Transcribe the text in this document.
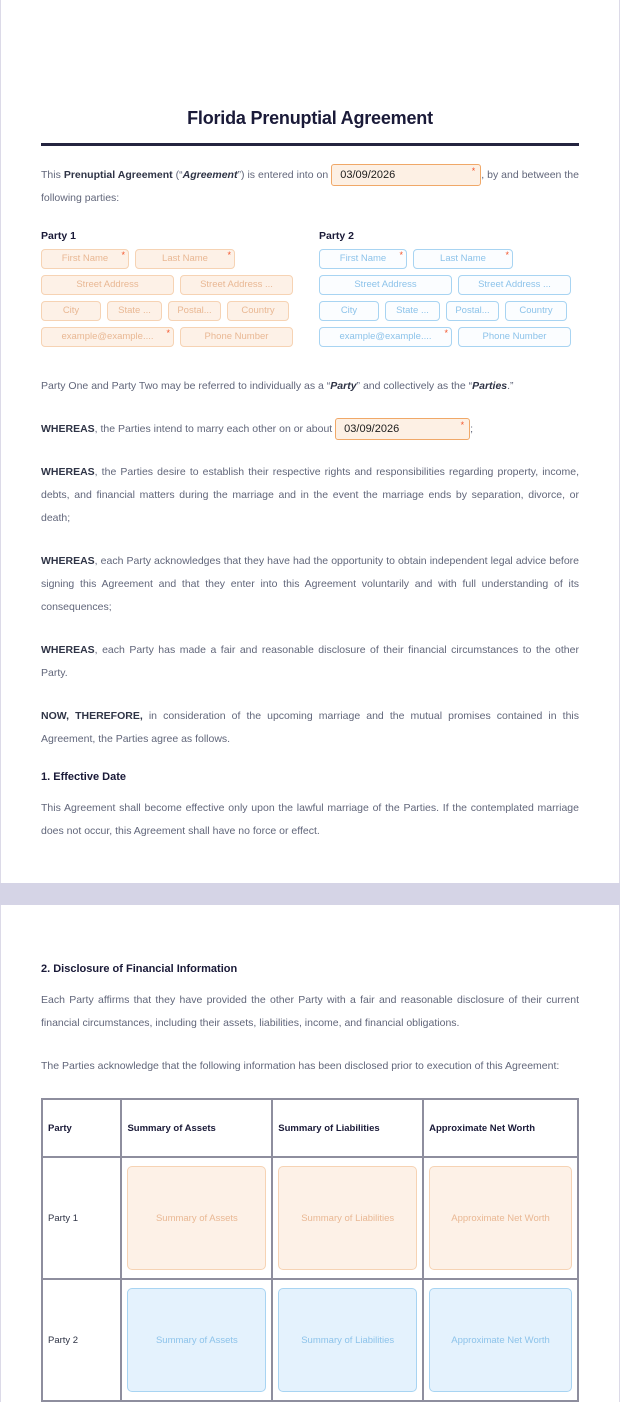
Florida Prenuptial Agreement

This Prenuptial Agreement (“Agreement”) is entered into on 03/09/2026	* , by and between the following parties:

Party 1
First Name *	Last Name *
Street Address	Street Address ...
City	State ...	Postal...	Country
example@example.... *	Phone Number
Party 2
First Name *	Last Name *
Street Address	Street Address ...
City	State ...	Postal...	Country
example@example.... *	Phone Number

Party One and Party Two may be referred to individually as a “Party” and collectively as the “Parties.”

WHEREAS, the Parties intend to marry each other on or about 03/09/2026	* ;

WHEREAS, the Parties desire to establish their respective rights and responsibilities regarding property, income, debts, and financial matters during the marriage and in the event the marriage ends by separation, divorce, or death;

WHEREAS, each Party acknowledges that they have had the opportunity to obtain independent legal advice before signing this Agreement and that they enter into this Agreement voluntarily and with full understanding of its consequences;

WHEREAS, each Party has made a fair and reasonable disclosure of their financial circumstances to the other Party.

NOW, THEREFORE, in consideration of the upcoming marriage and the mutual promises contained in this Agreement, the Parties agree as follows.

1. Effective Date

This Agreement shall become effective only upon the lawful marriage of the Parties. If the contemplated marriage does not occur, this Agreement shall have no force or effect.

2. Disclosure of Financial Information

Each Party affirms that they have provided the other Party with a fair and reasonable disclosure of their current financial circumstances, including their assets, liabilities, income, and financial obligations.

The Parties acknowledge that the following information has been disclosed prior to execution of this Agreement:

Party	Summary of Assets	Summary of Liabilities	Approximate Net Worth
Party 1	Summary of Assets	Summary of Liabilities	Approximate Net Worth

Party 2	Summary of Assets	Summary of Liabilities	Approximate Net Worth
